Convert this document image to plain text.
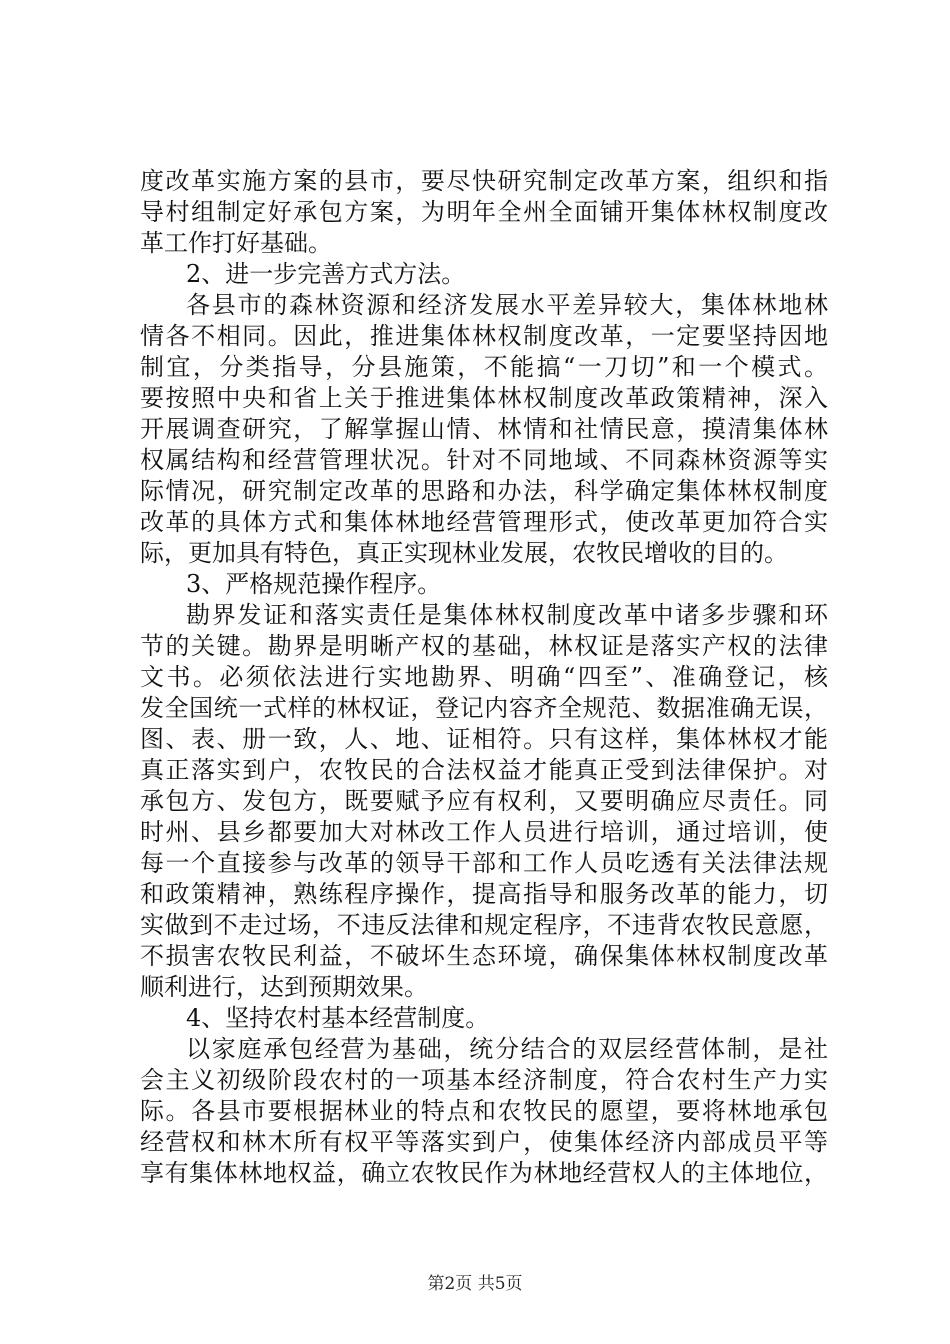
度改革实施方案的县市，要尽快研究制定改革方案，组织和指
导村组制定好承包方案，为明年全州全面铺开集体林权制度改
革工作打好基础。
2、进一步完善方式方法。
各县市的森林资源和经济发展水平差异较大，集体林地林
情各不相同。因此，推进集体林权制度改革，一定要坚持因地
制宜，分类指导，分县施策，不能搞“一刀切”和一个模式。
要按照中央和省上关于推进集体林权制度改革政策精神，深入
开展调查研究，了解掌握山情、林情和社情民意，摸清集体林
权属结构和经营管理状况。针对不同地域、不同森林资源等实
际情况，研究制定改革的思路和办法，科学确定集体林权制度
改革的具体方式和集体林地经营管理形式，使改革更加符合实
际，更加具有特色，真正实现林业发展，农牧民增收的目的。
3、严格规范操作程序。
勘界发证和落实责任是集体林权制度改革中诸多步骤和环
节的关键。勘界是明晰产权的基础，林权证是落实产权的法律
文书。必须依法进行实地勘界、明确“四至”、准确登记，核
发全国统一式样的林权证，登记内容齐全规范、数据准确无误，
图、表、册一致，人、地、证相符。只有这样，集体林权才能
真正落实到户，农牧民的合法权益才能真正受到法律保护。对
承包方、发包方，既要赋予应有权利，又要明确应尽责任。同
时州、县乡都要加大对林改工作人员进行培训，通过培训，使
每一个直接参与改革的领导干部和工作人员吃透有关法律法规
和政策精神，熟练程序操作，提高指导和服务改革的能力，切
实做到不走过场，不违反法律和规定程序，不违背农牧民意愿，
不损害农牧民利益，不破坏生态环境，确保集体林权制度改革
顺利进行，达到预期效果。
4、坚持农村基本经营制度。
以家庭承包经营为基础，统分结合的双层经营体制，是社
会主义初级阶段农村的一项基本经济制度，符合农村生产力实
际。各县市要根据林业的特点和农牧民的愿望，要将林地承包
经营权和林木所有权平等落实到户，使集体经济内部成员平等
享有集体林地权益，确立农牧民作为林地经营权人的主体地位，
第2页 共5页
